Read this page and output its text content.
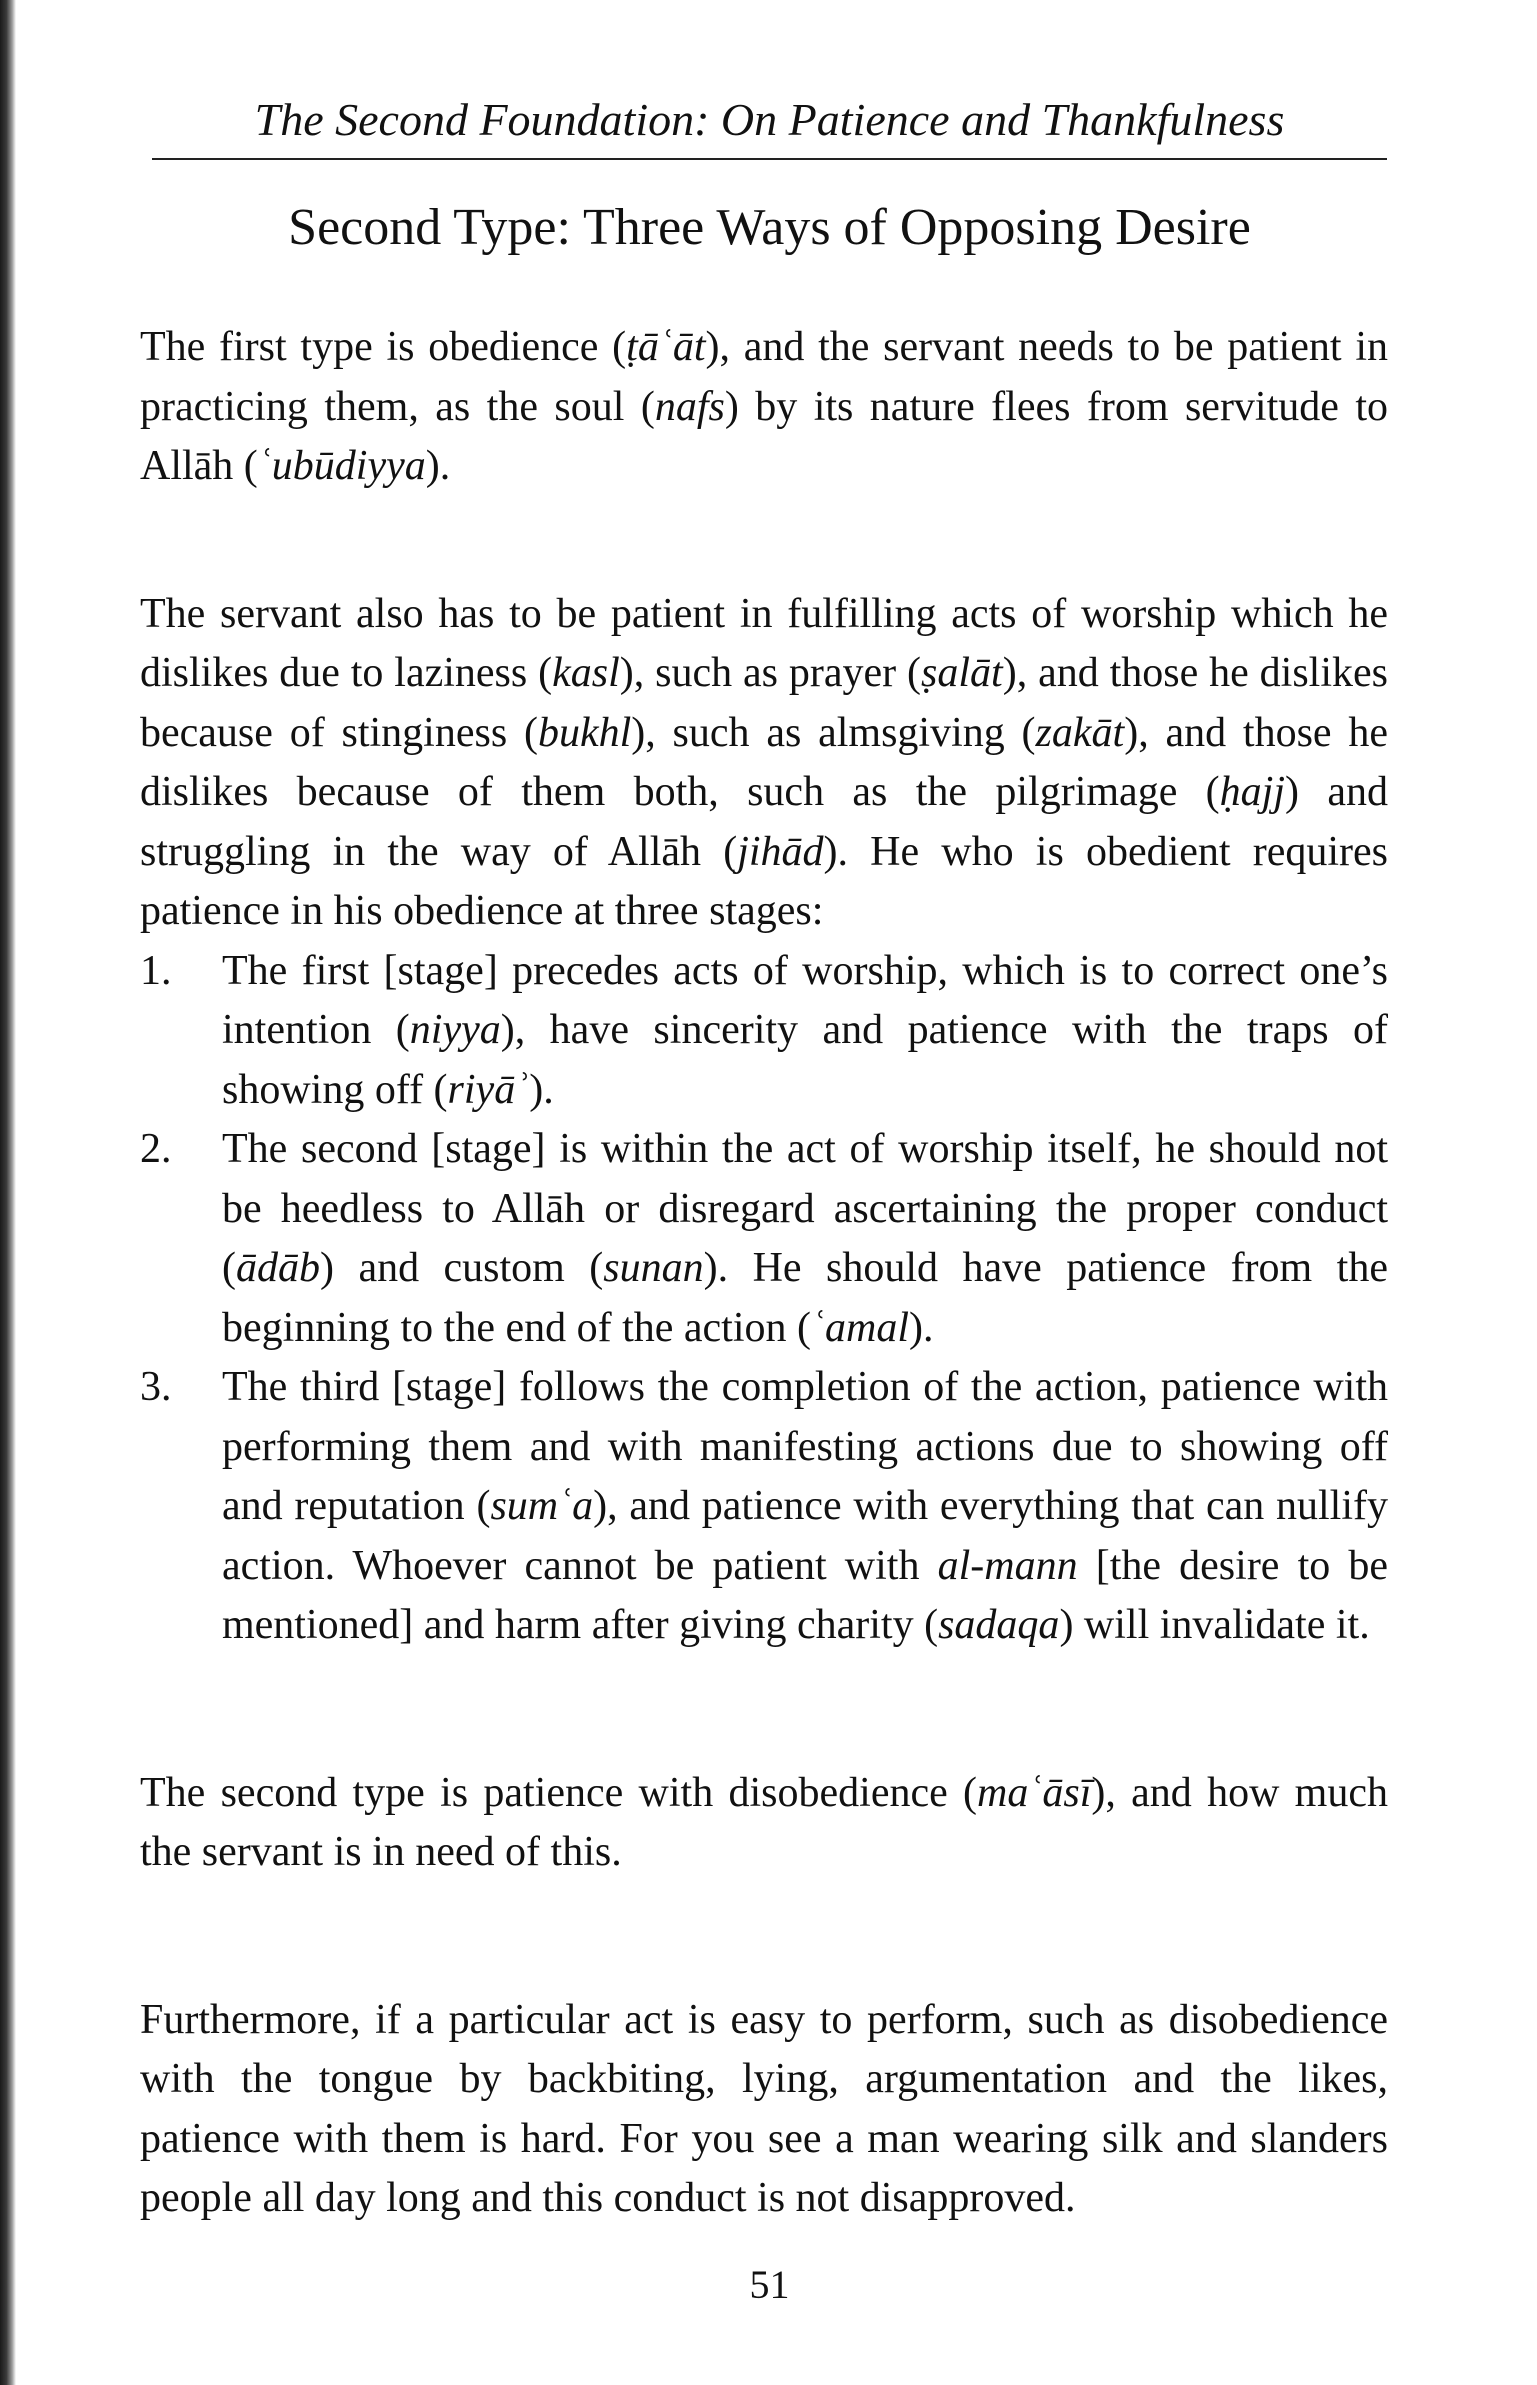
The Second Foundation: On Patience and Thankfulness
Second Type: Three Ways of Opposing Desire

The first type is obedience (ṭāʿāt), and the servant needs to be patient in practicing them, as the soul (nafs) by its nature flees from servitude to Allāh (ʿubūdiyya).

The servant also has to be patient in fulfilling acts of worship which he dislikes due to laziness (kasl), such as prayer (ṣalāt), and those he dislikes because of stinginess (bukhl), such as almsgiving (zakāt), and those he dislikes because of them both, such as the pilgrimage (ḥajj) and struggling in the way of Allāh (jihād). He who is obedient requires patience in his obedience at three stages:

1.	The first [stage] precedes acts of worship, which is to correct one’s intention (niyya), have sincerity and patience with the traps of showing off (riyāʾ).
2.	The second [stage] is within the act of worship itself, he should not be heedless to Allāh or disregard ascertaining the proper conduct (ādāb) and custom (sunan). He should have patience from the beginning to the end of the action (ʿamal).
3.	The third [stage] follows the completion of the action, patience with performing them and with manifesting actions due to showing off and reputation (sumʿa), and patience with everything that can nullify action. Whoever cannot be patient with al-mann [the desire to be mentioned] and harm after giving charity (sadaqa) will invalidate it.

The second type is patience with disobedience (maʿāsī), and how much the servant is in need of this.

Furthermore, if a particular act is easy to perform, such as disobedience with the tongue by backbiting, lying, argumentation and the likes, patience with them is hard. For you see a man wearing silk and slanders people all day long and this conduct is not disapproved.

51
